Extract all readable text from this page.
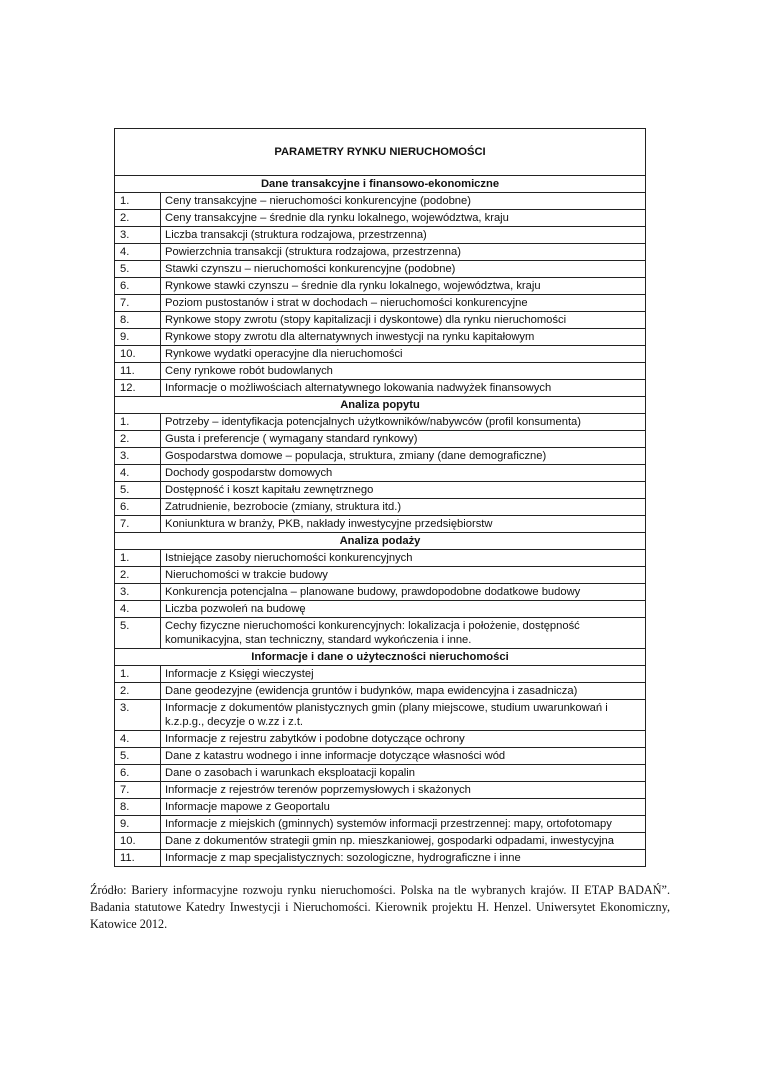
PARAMETRY RYNKU NIERUCHOMOŚCI	
Dane transakcyjne i finansowo-ekonomiczne	
1.	Ceny transakcyjne – nieruchomości konkurencyjne (podobne)
2.	Ceny transakcyjne – średnie dla rynku lokalnego, województwa, kraju
3.	Liczba transakcji (struktura rodzajowa, przestrzenna)
4.	Powierzchnia transakcji (struktura rodzajowa, przestrzenna)
5.	Stawki czynszu – nieruchomości konkurencyjne (podobne)
6.	Rynkowe stawki czynszu – średnie dla rynku lokalnego, województwa, kraju
7.	Poziom pustostanów i strat w dochodach – nieruchomości konkurencyjne
8.	Rynkowe stopy zwrotu (stopy kapitalizacji i dyskontowe) dla rynku nieruchomości
9.	Rynkowe stopy zwrotu dla alternatywnych inwestycji na rynku kapitałowym
10.	Rynkowe wydatki operacyjne dla nieruchomości
11.	Ceny rynkowe robót budowlanych
12.	Informacje o możliwościach alternatywnego lokowania nadwyżek finansowych
Analiza popytu	
1.	Potrzeby – identyfikacja potencjalnych użytkowników/nabywców (profil konsumenta)
2.	Gusta i preferencje ( wymagany standard rynkowy)
3.	Gospodarstwa domowe – populacja, struktura, zmiany (dane demograficzne)
4.	Dochody gospodarstw domowych
5.	Dostępność i koszt kapitału zewnętrznego
6.	Zatrudnienie, bezrobocie (zmiany, struktura itd.)
7.	Koniunktura w branży, PKB, nakłady inwestycyjne przedsiębiorstw
Analiza podaży	
1.	Istniejące zasoby nieruchomości konkurencyjnych
2.	Nieruchomości w trakcie budowy
3.	Konkurencja potencjalna – planowane budowy, prawdopodobne dodatkowe budowy
4.	Liczba pozwoleń na budowę
5.	Cechy fizyczne nieruchomości konkurencyjnych: lokalizacja i położenie, dostępność komunikacyjna, stan techniczny, standard wykończenia i inne.
Informacje i dane o użyteczności nieruchomości	
1.	Informacje z Księgi wieczystej
2.	Dane geodezyjne (ewidencja gruntów i budynków, mapa ewidencyjna i zasadnicza)
3.	Informacje z dokumentów planistycznych gmin (plany miejscowe, studium uwarunkowań i k.z.p.g., decyzje o w.zz i z.t.
4.	Informacje z rejestru zabytków i podobne dotyczące ochrony
5.	Dane z katastru wodnego i inne informacje dotyczące własności wód
6.	Dane o zasobach i warunkach eksploatacji kopalin
7.	Informacje z rejestrów terenów poprzemysłowych i skażonych
8.	Informacje mapowe z Geoportalu
9.	Informacje z miejskich (gminnych) systemów informacji przestrzennej: mapy, ortofotomapy
10.	Dane z dokumentów strategii gmin np. mieszkaniowej, gospodarki odpadami, inwestycyjna
11.	Informacje z map specjalistycznych: sozologiczne, hydrograficzne i inne

Źródło: Bariery informacyjne rozwoju rynku nieruchomości. Polska na tle wybranych krajów. II ETAP BADAŃ”. Badania statutowe Katedry Inwestycji i Nieruchomości. Kierownik projektu H. Henzel. Uniwersytet Ekonomiczny, Katowice 2012.
